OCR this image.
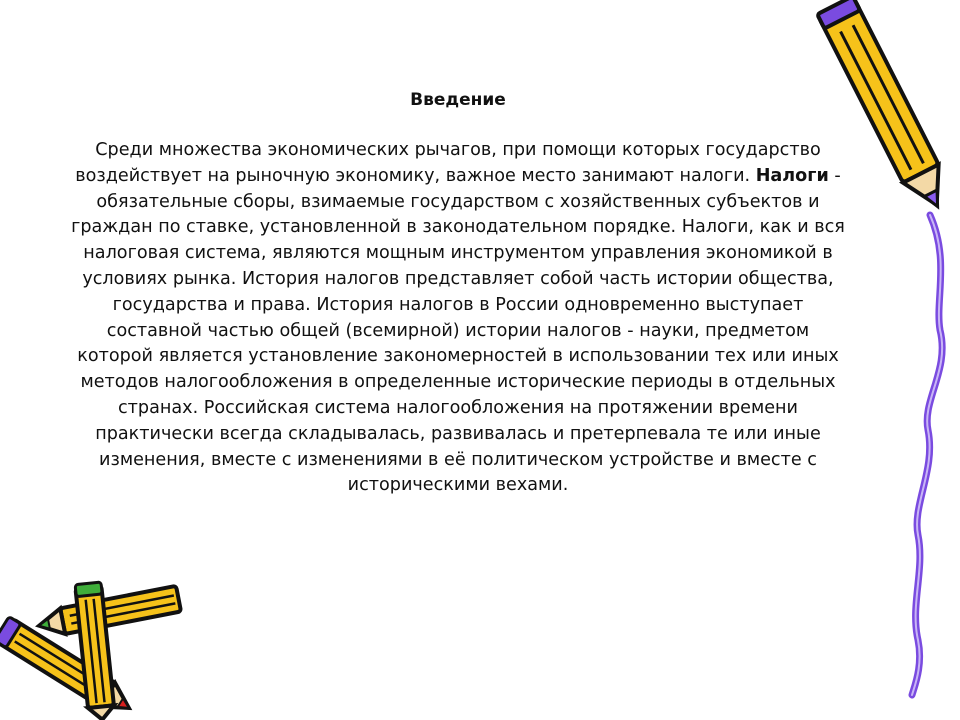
Введение

Среди множества экономических рычагов, при помощи которых государство воздействует на рыночную экономику, важное место занимают налоги. Налоги - обязательные сборы, взимаемые государством с хозяйственных субъектов и граждан по ставке, установленной в законодательном порядке. Налоги, как и вся налоговая система, являются мощным инструментом управления экономикой в условиях рынка. История налогов представляет собой часть истории общества, государства и права. История налогов в России одновременно выступает составной частью общей (всемирной) истории налогов - науки, предметом которой является установление закономерностей в использовании тех или иных методов налогообложения в определенные исторические периоды в отдельных странах. Российская система налогообложения на протяжении времени практически всегда складывалась, развивалась и претерпевала те или иные изменения, вместе с изменениями в её политическом устройстве и вместе с историческими вехами.
